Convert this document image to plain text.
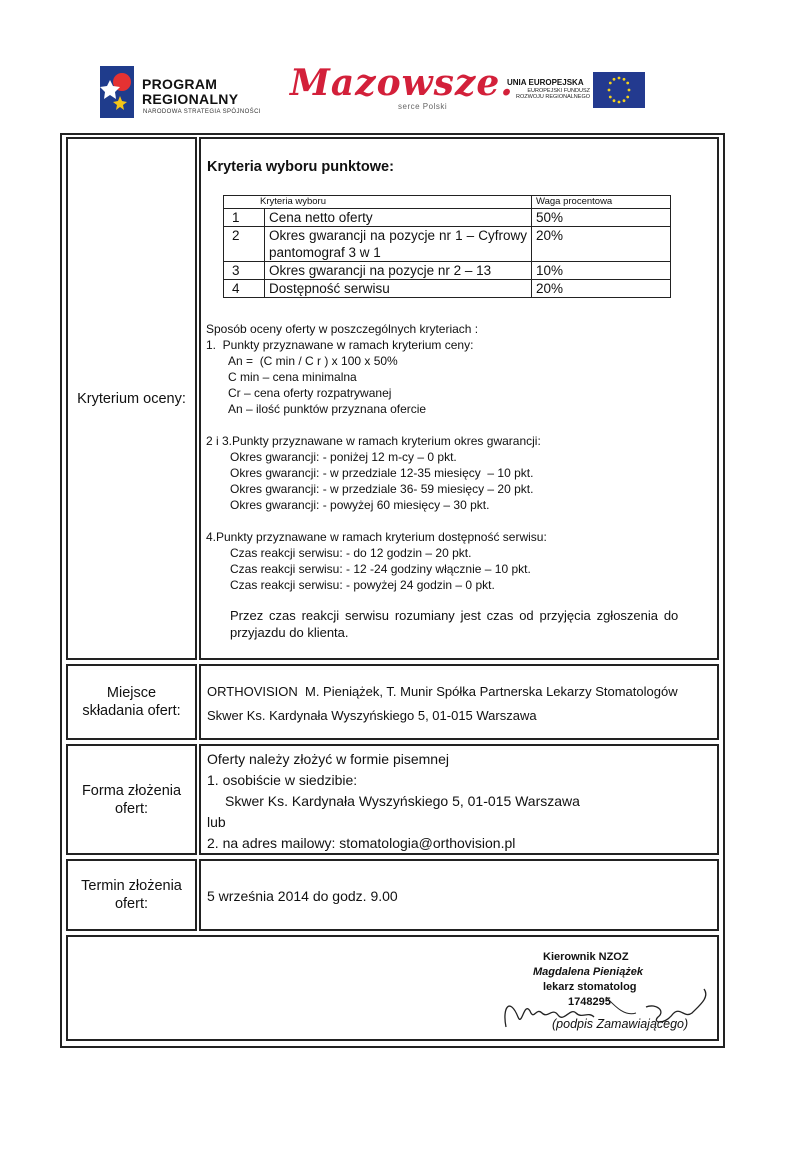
PROGRAM
REGIONALNY
NARODOWA STRATEGIA SPÓJNOŚCI
Mazowsze.
serce Polski
UNIA EUROPEJSKA
EUROPEJSKI FUNDUSZ
ROZWOJU REGIONALNEGO
Kryterium oceny:
Kryteria wyboru punktowe:
Kryteria wyboru		Waga procentowa
1	Cena netto oferty	50%
2	Okres gwarancji na pozycje nr 1 – Cyfrowy pantomograf 3 w 1	20%
3	Okres gwarancji na pozycje nr 2 – 13	10%
4	Dostępność serwisu	20%
Sposób oceny oferty w poszczególnych kryteriach :
1.  Punkty przyznawane w ramach kryterium ceny:
An =  (C min / C r ) x 100 x 50%
C min – cena minimalna
Cr – cena oferty rozpatrywanej
An – ilość punktów przyznana ofercie
2 i 3.Punkty przyznawane w ramach kryterium okres gwarancji:
Okres gwarancji: - poniżej 12 m-cy – 0 pkt.
Okres gwarancji: - w przedziale 12-35 miesięcy  – 10 pkt.
Okres gwarancji: - w przedziale 36- 59 miesięcy – 20 pkt.
Okres gwarancji: - powyżej 60 miesięcy – 30 pkt.
4.Punkty przyznawane w ramach kryterium dostępność serwisu:
Czas reakcji serwisu: - do 12 godzin – 20 pkt.
Czas reakcji serwisu: - 12 -24 godziny włącznie – 10 pkt.
Czas reakcji serwisu: - powyżej 24 godzin – 0 pkt.
Przez czas reakcji serwisu rozumiany jest czas od przyjęcia zgłoszenia do
przyjazdu do klienta.
Miejsce
składania ofert:
ORTHOVISION  M. Pieniążek, T. Munir Spółka Partnerska Lekarzy Stomatologów
Skwer Ks. Kardynała Wyszyńskiego 5, 01-015 Warszawa
Forma złożenia
ofert:
Oferty należy złożyć w formie pisemnej
1. osobiście w siedzibie:
Skwer Ks. Kardynała Wyszyńskiego 5, 01-015 Warszawa
lub
2. na adres mailowy: stomatologia@orthovision.pl
Termin złożenia
ofert:	5 września 2014 do godz. 9.00
Kierownik NZOZ
Magdalena Pieniążek
lekarz stomatolog
1748295
(podpis Zamawiającego)
